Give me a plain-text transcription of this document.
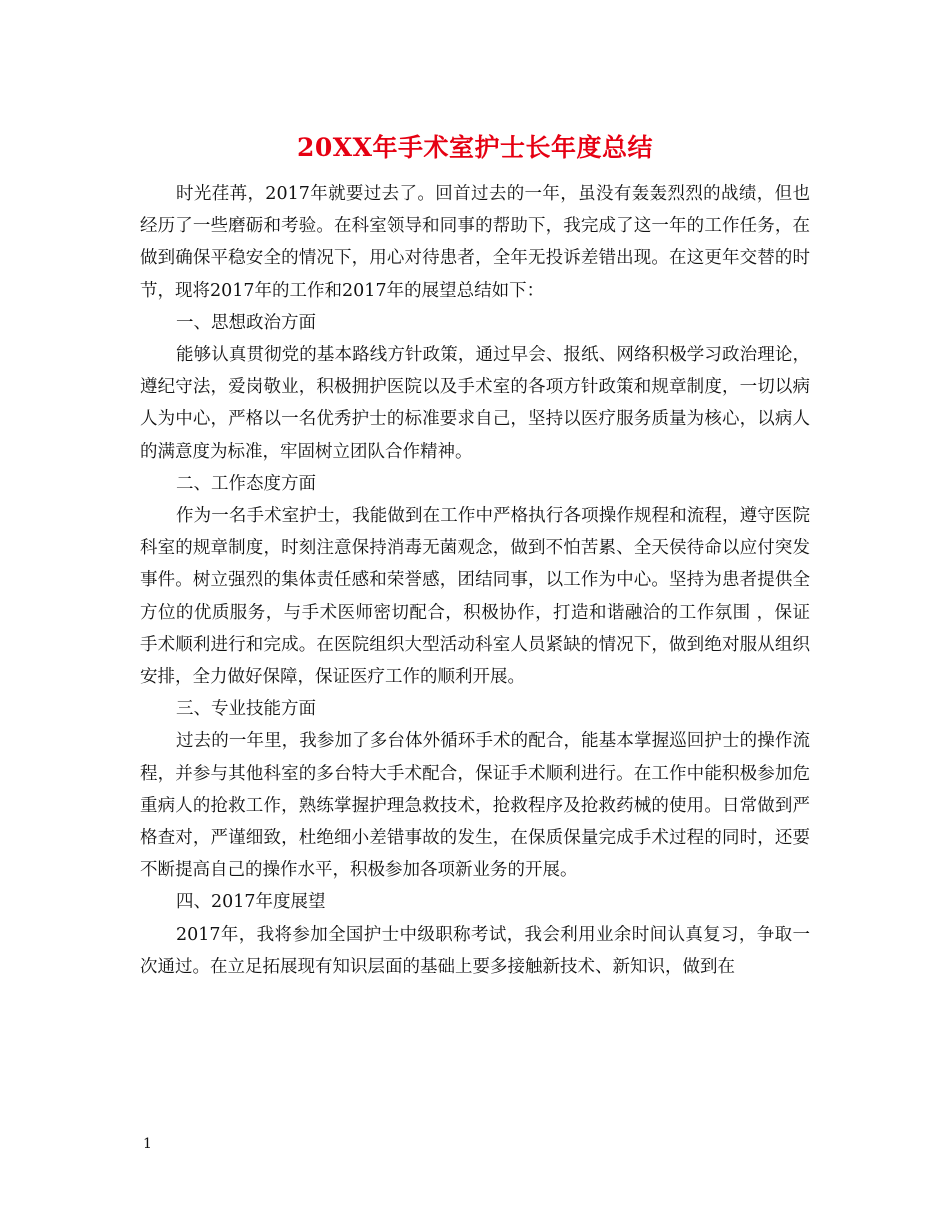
20XX年手术室护士长年度总结

时光荏苒，2017年就要过去了。回首过去的一年，虽没有轰轰烈烈的战绩，但也经历了一些磨砺和考验。在科室领导和同事的帮助下，我完成了这一年的工作任务，在做到确保平稳安全的情况下，用心对待患者，全年无投诉差错出现。在这更年交替的时节，现将2017年的工作和2017年的展望总结如下：

一、思想政治方面

能够认真贯彻党的基本路线方针政策，通过早会、报纸、网络积极学习政治理论，遵纪守法，爱岗敬业，积极拥护医院以及手术室的各项方针政策和规章制度，一切以病人为中心，严格以一名优秀护士的标准要求自己，坚持以医疗服务质量为核心，以病人的满意度为标准，牢固树立团队合作精神。

二、工作态度方面

作为一名手术室护士，我能做到在工作中严格执行各项操作规程和流程，遵守医院科室的规章制度，时刻注意保持消毒无菌观念，做到不怕苦累、全天侯待命以应付突发事件。树立强烈的集体责任感和荣誉感，团结同事，以工作为中心。坚持为患者提供全方位的优质服务，与手术医师密切配合，积极协作，打造和谐融洽的工作氛围 ，保证手术顺利进行和完成。在医院组织大型活动科室人员紧缺的情况下，做到绝对服从组织安排，全力做好保障，保证医疗工作的顺利开展。

三、专业技能方面

过去的一年里，我参加了多台体外循环手术的配合，能基本掌握巡回护士的操作流程，并参与其他科室的多台特大手术配合，保证手术顺利进行。在工作中能积极参加危重病人的抢救工作，熟练掌握护理急救技术，抢救程序及抢救药械的使用。日常做到严格查对，严谨细致，杜绝细小差错事故的发生，在保质保量完成手术过程的同时，还要不断提高自己的操作水平，积极参加各项新业务的开展。

四、2017年度展望

2017年，我将参加全国护士中级职称考试，我会利用业余时间认真复习，争取一次通过。在立足拓展现有知识层面的基础上要多接触新技术、新知识，做到在

1
